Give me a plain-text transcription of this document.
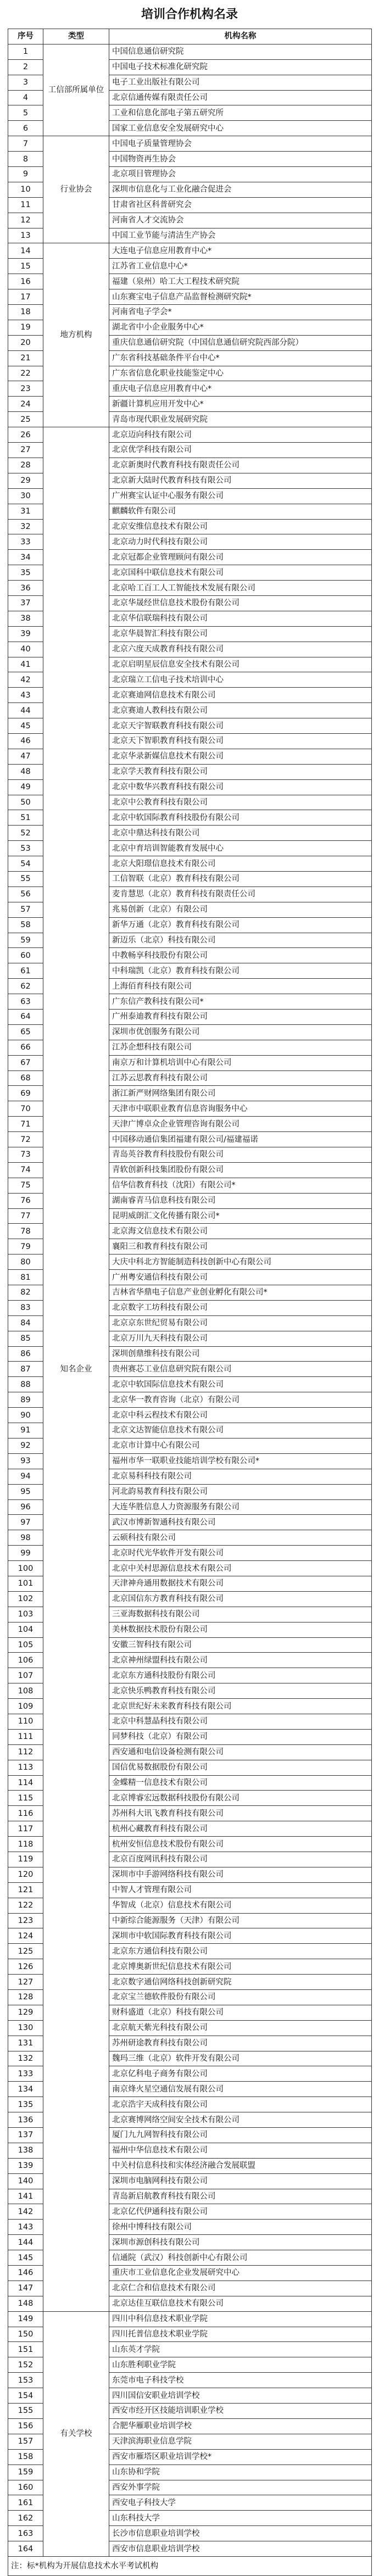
培训合作机构名录
序号	类型	机构名称
1	工信部所属单位	中国信息通信研究院
2		中国电子技术标准化研究院
3		电子工业出版社有限公司
4		北京信通传媒有限责任公司
5		工业和信息化部电子第五研究所
6		国家工业信息安全发展研究中心
7	行业协会	中国电子质量管理协会
8		中国物资再生协会
9		北京项目管理协会
10		深圳市信息化与工业化融合促进会
11		甘肃省社区科普研究会
12		河南省人才交流协会
13		中国工业节能与清洁生产协会
14	地方机构	大连电子信息应用教育中心*
15		江苏省工业信息中心*
16		福建（泉州）哈工大工程技术研究院
17		山东赛宝电子信息产品监督检测研究院*
18		河南省电子学会*
19		湖北省中小企业服务中心*
20		重庆信息通信研究院（中国信息通信研究院西部分院）
21		广东省科技基础条件平台中心*
22		广东省信息化职业技能鉴定中心
23		重庆电子信息应用教育中心*
24		新疆计算机应用开发中心*
25		青岛市现代职业发展研究院
26	知名企业	北京迈向科技有限公司
27		北京优学科技有限公司
28		北京新奥时代教育科技有限责任公司
29		北京新大陆时代教育科技有限公司
30		广州赛宝认证中心服务有限公司
31		麒麟软件有限公司
32		北京安维信息技术有限公司
33		北京动力时代科技有限公司
34		北京冠都企业管理顾问有限公司
35		北京国科中联信息技术有限公司
36		北京哈工百工人工智能技术发展有限公司
37		北京华晟经世信息技术股份有限公司
38		北京华信联瑞科技有限公司
39		北京华晨智汇科技有限公司
40		北京六度天成教育科技有限公司
41		北京启明星辰信息安全技术有限公司
42		北京瑞立工信电子技术培训中心
43		北京赛迪网信息技术有限公司
44		北京赛迪人教科技有限公司
45		北京天宇智联教育科技有限公司
46		北京天下智职教育科技有限公司
47		北京华录新媒信息技术有限公司
48		北京学天教育科技有限公司
49		北京中数华兴教育科技有限公司
50		北京中公教育科技有限公司
51		北京中软国际教育科技股份有限公司
52		北京中鼎达科技有限公司
53		北京中育培训智能教育发展中心
54		北京大阳璟信息技术有限公司
55		工信智联（北京）教育科技有限公司
56		麦肯慧思（北京）教育科技有限责任公司
57		兆易创新（北京）有限公司
58		新华万通（北京）教育科技有限公司
59		新迈乐（北京）科技有限公司
60		中教畅享科技股份有限公司
61		中科瑞凯（北京）教育科技有限公司
62		上海佰育科技有限公司
63		广东信产教科技有限公司*
64		广州泰迪教育科技有限公司
65		深圳市优创服务有限公司
66		江苏企想科技有限公司
67		南京万和计算机培训中心有限公司
68		江苏云思教育科技有限公司
69		浙江新严财网络集团有限公司
70		天津市中联职业教育信息咨询服务中心
71		天津广博卓众企业管理咨询有限公司
72		中国移动通信集团福建有限公司/福建福诺
73		青岛英谷教育科技股份有限公司
74		青软创新科技集团股份有限公司
75		信华信教育科技（沈阳）有限公司*
76		湖南睿青马信息科技有限公司
77		昆明威朗汇文化传播有限公司*
78		北京海文信息技术有限公司
79		襄阳三和教育科技有限公司
80		大庆中科北方智能制造科技创新中心有限公司
81		广州粤安通信科技有限公司
82		吉林省华鼎电子信息产业创业孵化有限公司*
83		北京数字工坊科技有限公司
84		北京京东世纪贸易有限公司
85		北京万川九天科技有限公司
86		深圳创鼎维科技有限公司
87		贵州赛芯工业信息研究院有限公司
88		北京中软国际信息技术有限公司
89		北京华一教育咨询（北京）有限公司
90		北京中科云程技术有限公司
91		北京文达智能信息技术有限公司
92		北京市计算中心有限公司
93		福州市华一联职业技能培训学校有限公司*
94		北京易科科技有限公司
95		河北韵易教育科技有限公司
96		大连华胜信息人力资源服务有限公司
97		武汉市博新智通科技有限公司
98		云硕科技有限公司
99		北京时代光华软件开发有限公司
100		北京中关村思源信息技术有限公司
101		天津神舟通用数据技术有限公司
102		北京国信东方教育科技有限公司
103		三亚海数据科技有限公司
104		美林数据技术股份有限公司
105		安徽三智科技有限公司
106		北京神州绿盟科技有限公司
107		北京东方通科技股份有限公司
108		北京快乐鸭教育科技有限公司
109		北京世纪好未来教育科技有限公司
110		北京中科慧晶科技有限公司
111		同梦科技（北京）有限公司
112		西安通和电信设备检测有限公司
113		国信优易数据股份有限公司
114		金蝶精一信息技术有限公司
115		北京博睿宏远数据科技股份有限公司
116		苏州科大讯飞教育科技有限公司
117		杭州心藏教育科技有限公司
118		杭州安恒信息技术股份有限公司
119		北京百度网讯科技有限公司
120		深圳市中手游网络科技有限公司
121		中智人才管理有限公司
122		华智成（北京）信息技术有限公司
123		中新综合能源服务（天津）有限公司
124		深圳市中软国际教育科技有限公司
125		北京东方通信科技有限公司
126		北京博奥新世纪信息技术有限公司
127		北京数字通信网络科技创新研究院
128		北京宝兰德软件股份有限公司
129		财科盛道（北京）科技有限公司
130		北京航天紫光科技有限公司
131		苏州研途教育科技有限公司
132		魏玛三维（北京）软件开发有限公司
133		北京亿科电子商务有限公司
134		南京烽火星空通信发展有限公司
135		北京浩宇天成科技有限公司
136		北京赛博网络空间安全技术有限公司
137		厦门九九网智科技有限公司
138		福州中华信息技术有限公司
139		中关村信息科技和实体经济融合发展联盟
140		深圳市电脑网科技有限公司
141		青岛新启航教育科技有限公司
142		北京亿代伊通科技有限公司
143		徐州中博科技有限公司
144		深圳市源创科技有限公司
145		信通院（武汉）科技创新中心有限公司
146		重庆市工业信息化企业发展研究中心
147		北京仁合和信息技术有限公司
148		北京达佳互联信息技术有限公司
149	有关学校	四川中科信息技术职业学院
150		四川托普信息技术职业学院
151		山东英才学院
152		山东胜利职业学院
153		东莞市电子科技学校
154		四川国信安职业培训学校
155		西安市经开区技能培训职业学校
156		合肥华雁职业培训学校
157		天津滨海职业信息学院
158		西安市雁塔区职业培训学校*
159		山东协和学院
160		西安外事学院
161		西安电子科技大学
162		山东科技大学
163		长沙市信息职业培训学校
164		西安市信息职业培训学校
注：标*机构为开展信息技术水平考试机构		
